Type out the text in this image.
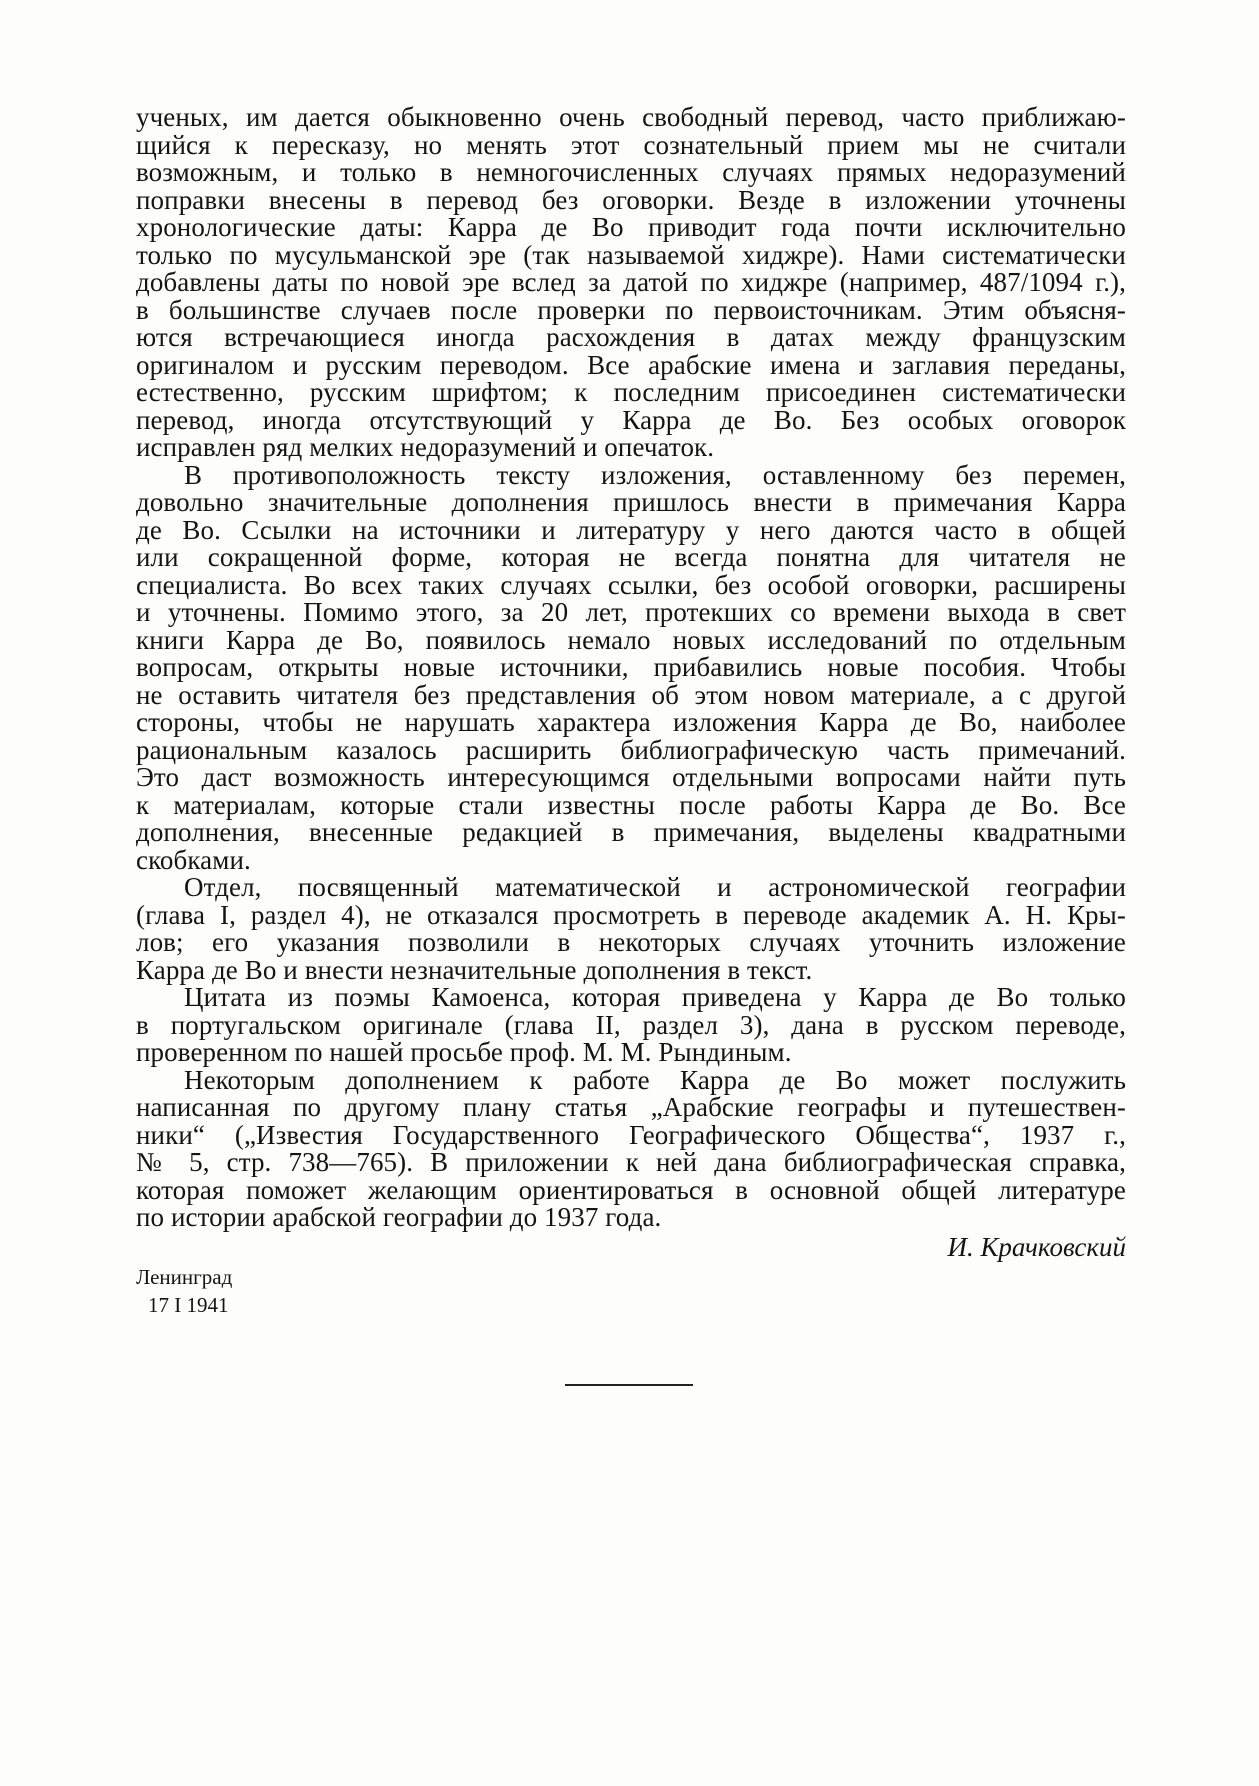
ученых, им дается обыкновенно очень свободный перевод, часто приближаю-
щийся к пересказу, но менять этот сознательный прием мы не считали
возможным, и только в немногочисленных случаях прямых недоразумений
поправки внесены в перевод без оговорки. Везде в изложении уточнены
хронологические даты: Карра де Во приводит года почти исключительно
только по мусульманской эре (так называемой хиджре). Нами систематически
добавлены даты по новой эре вслед за датой по хиджре (например, 487/1094 г.),
в большинстве случаев после проверки по первоисточникам. Этим объясня-
ются встречающиеся иногда расхождения в датах между французским
оригиналом и русским переводом. Все арабские имена и заглавия переданы,
естественно, русским шрифтом; к последним присоединен систематически
перевод, иногда отсутствующий у Карра де Во. Без особых оговорок
исправлен ряд мелких недоразумений и опечаток.
В противоположность тексту изложения, оставленному без перемен,
довольно значительные дополнения пришлось внести в примечания Карра
де Во. Ссылки на источники и литературу у него даются часто в общей
или сокращенной форме, которая не всегда понятна для читателя не
специалиста. Во всех таких случаях ссылки, без особой оговорки, расширены
и уточнены. Помимо этого, за 20 лет, протекших со времени выхода в свет
книги Карра де Во, появилось немало новых исследований по отдельным
вопросам, открыты новые источники, прибавились новые пособия. Чтобы
не оставить читателя без представления об этом новом материале, а с другой
стороны, чтобы не нарушать характера изложения Карра де Во, наиболее
рациональным казалось расширить библиографическую часть примечаний.
Это даст возможность интересующимся отдельными вопросами найти путь
к материалам, которые стали известны после работы Карра де Во. Все
дополнения, внесенные редакцией в примечания, выделены квадратными
скобками.
Отдел, посвященный математической и астрономической географии
(глава I, раздел 4), не отказался просмотреть в переводе академик А. Н. Кры-
лов; его указания позволили в некоторых случаях уточнить изложение
Карра де Во и внести незначительные дополнения в текст.
Цитата из поэмы Камоенса, которая приведена у Карра де Во только
в португальском оригинале (глава II, раздел 3), дана в русском переводе,
проверенном по нашей просьбе проф. М. М. Рындиным.
Некоторым дополнением к работе Карра де Во может послужить
написанная по другому плану статья „Арабские географы и путешествен-
ники“ („Известия Государственного Географического Общества“, 1937 г.,
№ 5, стр. 738—765). В приложении к ней дана библиографическая справка,
которая поможет желающим ориентироваться в основной общей литературе
по истории арабской географии до 1937 года.
И. Крачковский
Ленинград
17 I 1941
